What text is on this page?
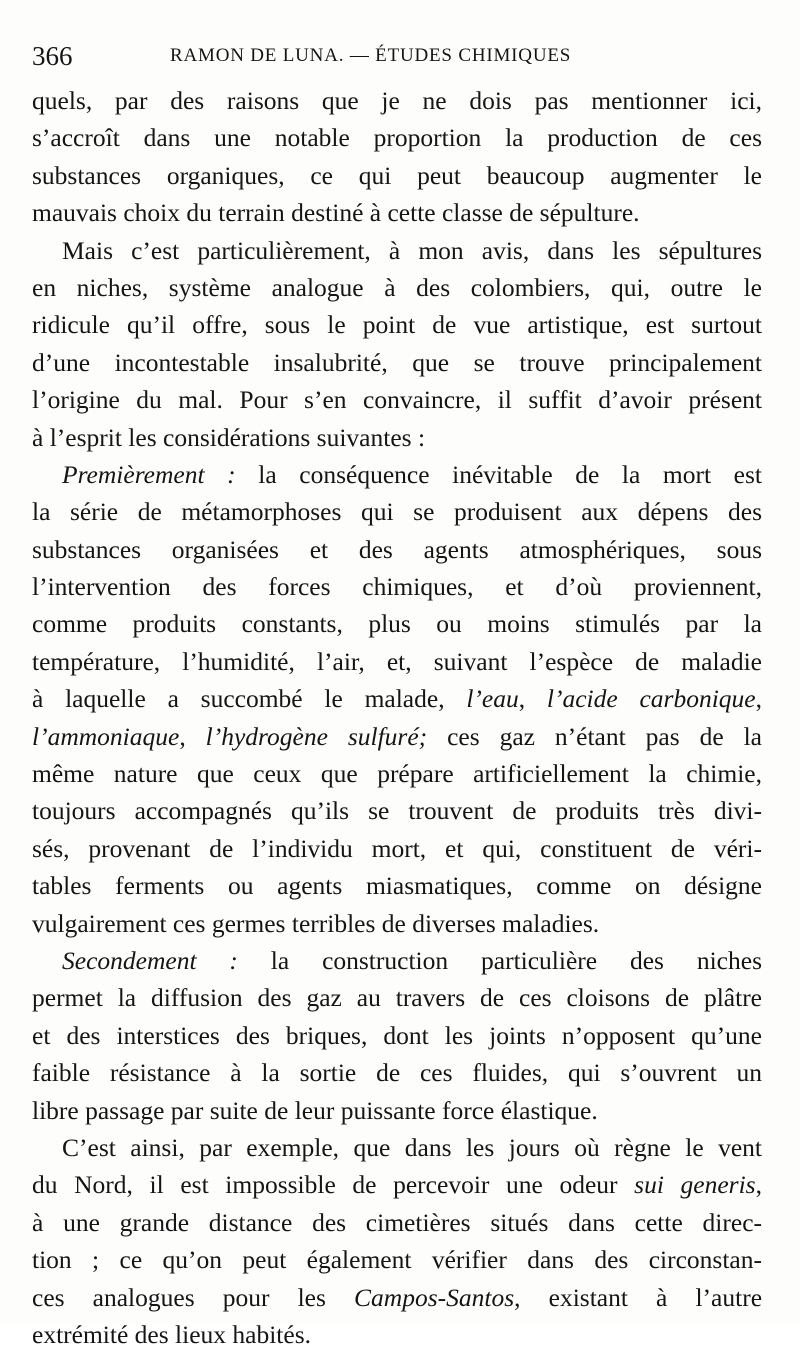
366	RAMON DE LUNA. — ÉTUDES CHIMIQUES
quels, par des raisons que je ne dois pas mentionner ici,
s’accroît dans une notable proportion la production de ces
substances organiques, ce qui peut beaucoup augmenter le
mauvais choix du terrain destiné à cette classe de sépulture.
Mais c’est particulièrement, à mon avis, dans les sépultures
en niches, système analogue à des colombiers, qui, outre le
ridicule qu’il offre, sous le point de vue artistique, est surtout
d’une incontestable insalubrité, que se trouve principalement
l’origine du mal. Pour s’en convaincre, il suffit d’avoir présent
à l’esprit les considérations suivantes :
Premièrement : la conséquence inévitable de la mort est
la série de métamorphoses qui se produisent aux dépens des
substances organisées et des agents atmosphériques, sous
l’intervention des forces chimiques, et d’où proviennent,
comme produits constants, plus ou moins stimulés par la
température, l’humidité, l’air, et, suivant l’espèce de maladie
à laquelle a succombé le malade, l’eau, l’acide carbonique,
l’ammoniaque, l’hydrogène sulfuré; ces gaz n’étant pas de la
même nature que ceux que prépare artificiellement la chimie,
toujours accompagnés qu’ils se trouvent de produits très divi-
sés, provenant de l’individu mort, et qui, constituent de véri-
tables ferments ou agents miasmatiques, comme on désigne
vulgairement ces germes terribles de diverses maladies.
Secondement : la construction particulière des niches
permet la diffusion des gaz au travers de ces cloisons de plâtre
et des interstices des briques, dont les joints n’opposent qu’une
faible résistance à la sortie de ces fluides, qui s’ouvrent un
libre passage par suite de leur puissante force élastique.
C’est ainsi, par exemple, que dans les jours où règne le vent
du Nord, il est impossible de percevoir une odeur sui generis,
à une grande distance des cimetières situés dans cette direc-
tion ; ce qu’on peut également vérifier dans des circonstan-
ces analogues pour les Campos-Santos, existant à l’autre
extrémité des lieux habités.
